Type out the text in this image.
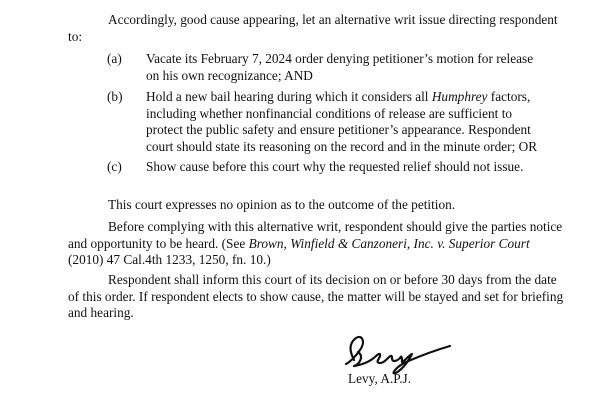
Accordingly, good cause appearing, let an alternative writ issue directing respondent to:

(a)	Vacate its February 7, 2024 order denying petitioner’s motion for release on his own recognizance; AND
(b)	Hold a new bail hearing during which it considers all Humphrey factors, including whether nonfinancial conditions of release are sufficient to protect the public safety and ensure petitioner’s appearance. Respondent court should state its reasoning on the record and in the minute order; OR
(c)	Show cause before this court why the requested relief should not issue.

This court expresses no opinion as to the outcome of the petition.

Before complying with this alternative writ, respondent should give the parties notice and opportunity to be heard. (See Brown, Winfield & Canzoneri, Inc. v. Superior Court (2010) 47 Cal.4th 1233, 1250, fn. 10.)

Respondent shall inform this court of its decision on or before 30 days from the date of this order. If respondent elects to show cause, the matter will be stayed and set for briefing and hearing.

Levy, A.P.J.
